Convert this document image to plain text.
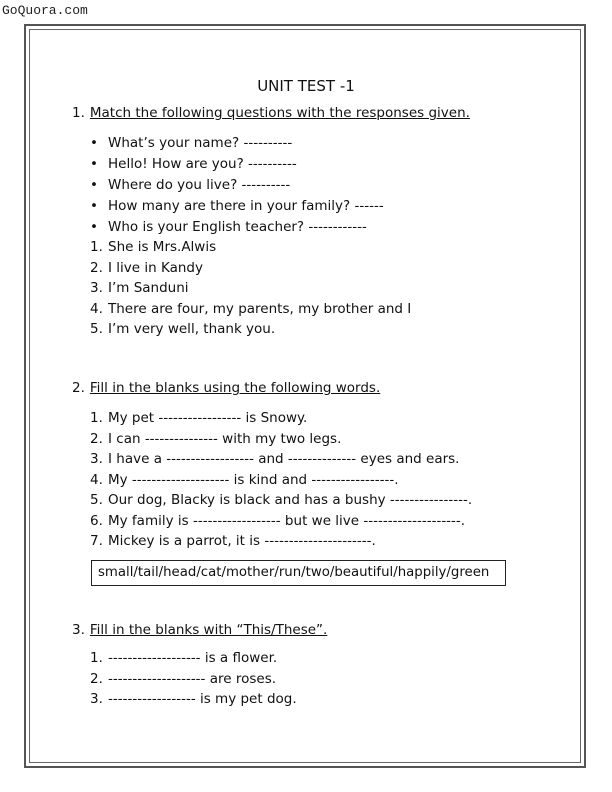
GoQuora.com
UNIT TEST -1
1. Match the following questions with the responses given.
• What’s your name? ----------
• Hello! How are you? ----------
• Where do you live? ----------
• How many are there in your family? ------
• Who is your English teacher? ------------
1. She is Mrs.Alwis
2. I live in Kandy
3. I’m Sanduni
4. There are four, my parents, my brother and I
5. I’m very well, thank you.
2. Fill in the blanks using the following words.
1. My pet ----------------- is Snowy.
2. I can --------------- with my two legs.
3. I have a ------------------ and -------------- eyes and ears.
4. My -------------------- is kind and -----------------.
5. Our dog, Blacky is black and has a bushy ----------------.
6. My family is ------------------ but we live --------------------.
7. Mickey is a parrot, it is ----------------------.
small/tail/head/cat/mother/run/two/beautiful/happily/green
3. Fill in the blanks with “This/These”.
1. ------------------- is a flower.
2. -------------------- are roses.
3. ------------------ is my pet dog.
